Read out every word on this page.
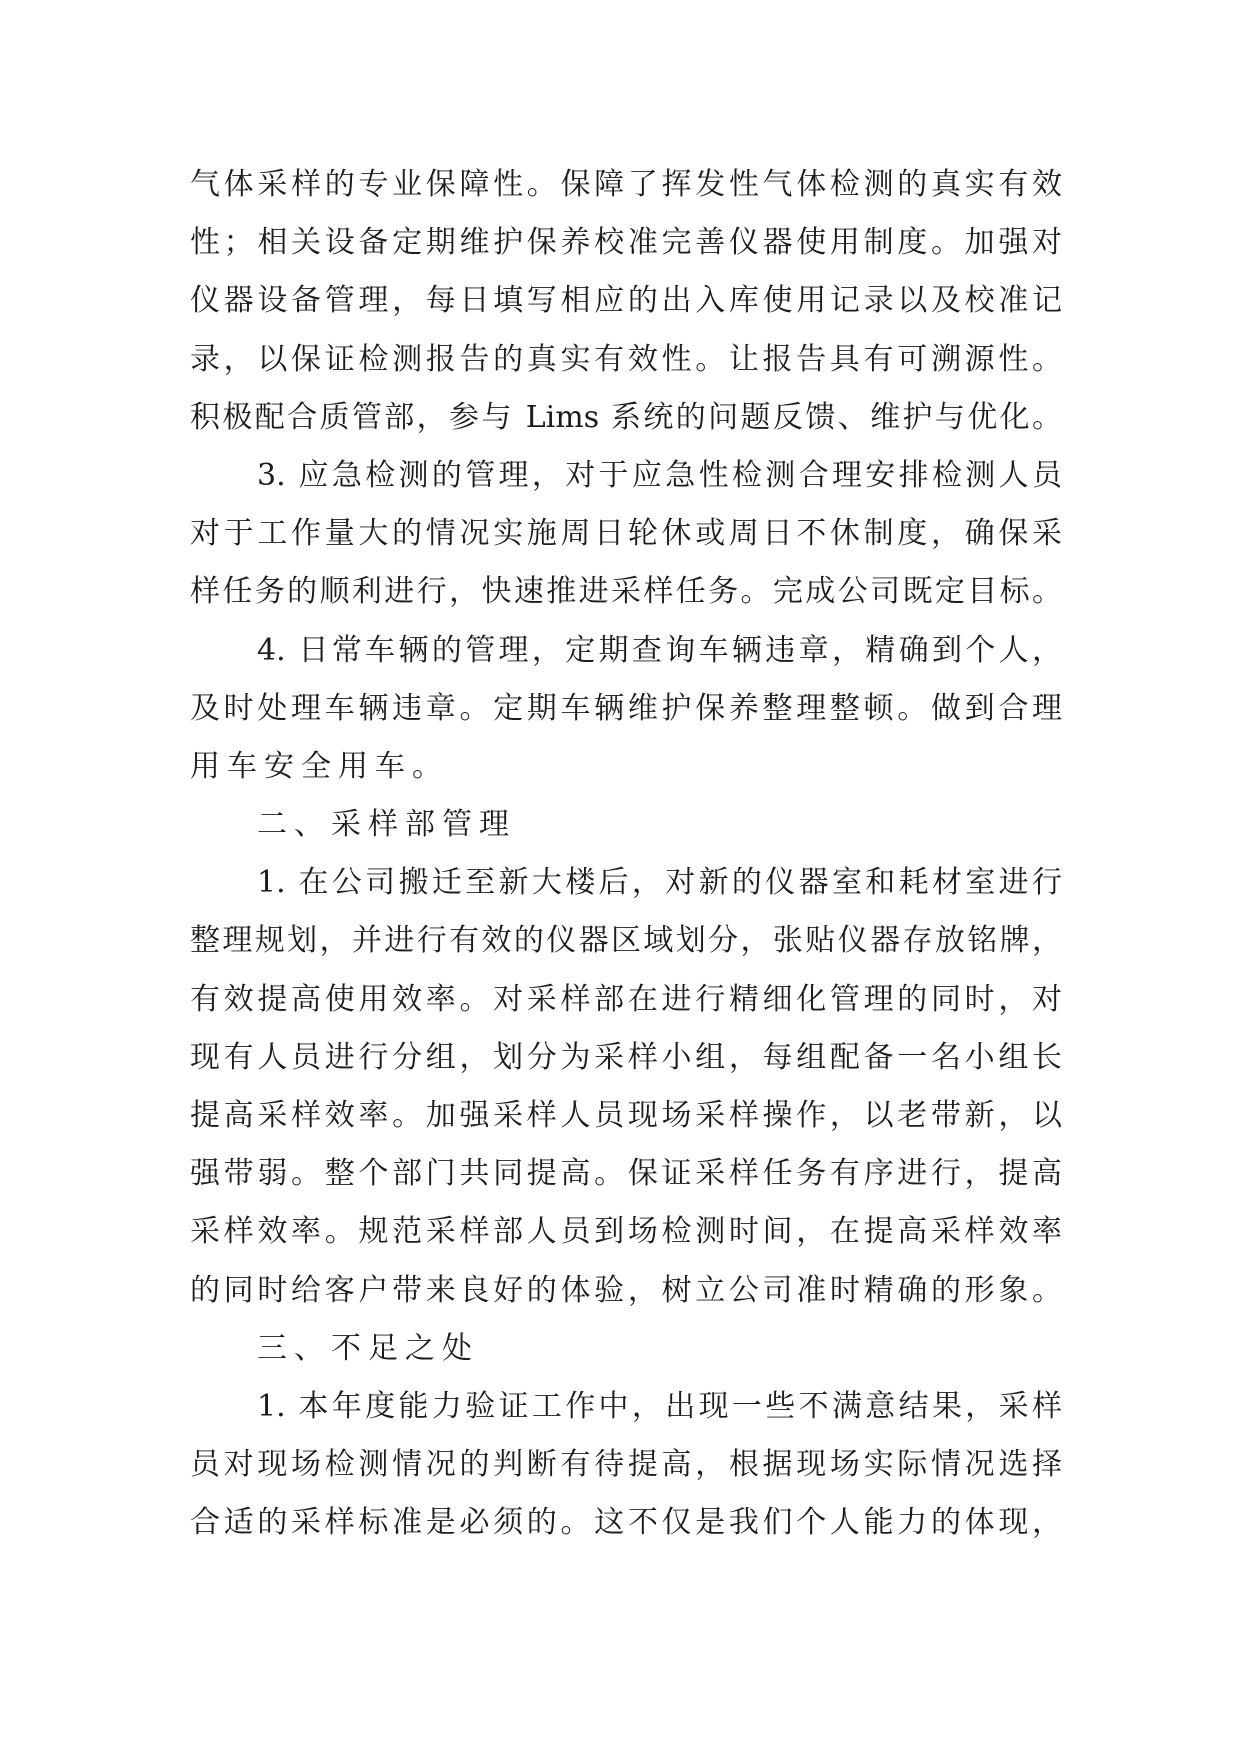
气体采样的专业保障性。保障了挥发性气体检测的真实有效
性；相关设备定期维护保养校准完善仪器使用制度。加强对
仪器设备管理，每日填写相应的出入库使用记录以及校准记
录，以保证检测报告的真实有效性。让报告具有可溯源性。
积极配合质管部，参与 Lims 系统的问题反馈、维护与优化。
3. 应急检测的管理，对于应急性检测合理安排检测人员
对于工作量大的情况实施周日轮休或周日不休制度，确保采
样任务的顺利进行，快速推进采样任务。完成公司既定目标。
4. 日常车辆的管理，定期查询车辆违章，精确到个人，
及时处理车辆违章。定期车辆维护保养整理整顿。做到合理
用车安全用车。
二、采样部管理
1. 在公司搬迁至新大楼后，对新的仪器室和耗材室进行
整理规划，并进行有效的仪器区域划分，张贴仪器存放铭牌，
有效提高使用效率。对采样部在进行精细化管理的同时，对
现有人员进行分组，划分为采样小组，每组配备一名小组长
提高采样效率。加强采样人员现场采样操作，以老带新，以
强带弱。整个部门共同提高。保证采样任务有序进行，提高
采样效率。规范采样部人员到场检测时间，在提高采样效率
的同时给客户带来良好的体验，树立公司准时精确的形象。
三、不足之处
1. 本年度能力验证工作中，出现一些不满意结果，采样
员对现场检测情况的判断有待提高，根据现场实际情况选择
合适的采样标准是必须的。这不仅是我们个人能力的体现，
